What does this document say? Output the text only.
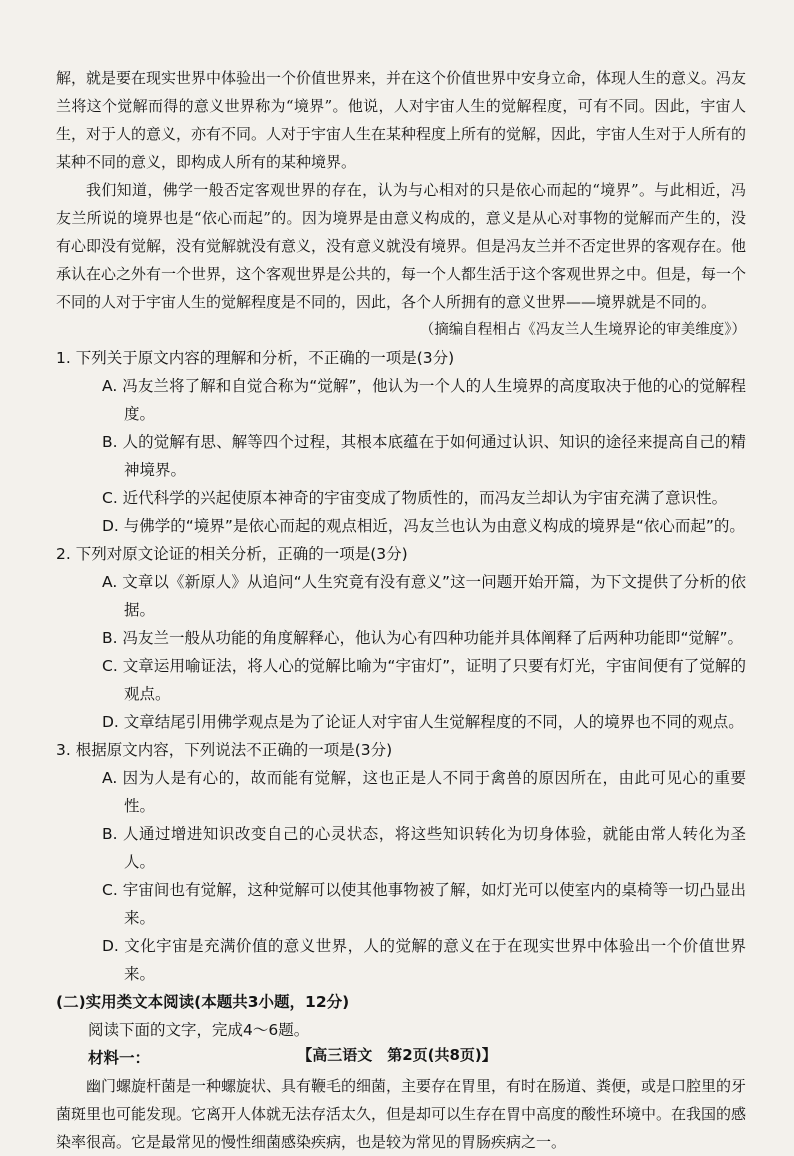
解，就是要在现实世界中体验出一个价值世界来，并在这个价值世界中安身立命，体现人生的意义。冯友兰将这个觉解而得的意义世界称为“境界”。他说，人对宇宙人生的觉解程度，可有不同。因此，宇宙人生，对于人的意义，亦有不同。人对于宇宙人生在某种程度上所有的觉解，因此，宇宙人生对于人所有的某种不同的意义，即构成人所有的某种境界。

我们知道，佛学一般否定客观世界的存在，认为与心相对的只是依心而起的“境界”。与此相近，冯友兰所说的境界也是“依心而起”的。因为境界是由意义构成的，意义是从心对事物的觉解而产生的，没有心即没有觉解，没有觉解就没有意义，没有意义就没有境界。但是冯友兰并不否定世界的客观存在。他承认在心之外有一个世界，这个客观世界是公共的，每一个人都生活于这个客观世界之中。但是，每一个不同的人对于宇宙人生的觉解程度是不同的，因此，各个人所拥有的意义世界——境界就是不同的。

（摘编自程相占《冯友兰人生境界论的审美维度》）

1. 下列关于原文内容的理解和分析，不正确的一项是(3分)

A. 冯友兰将了解和自觉合称为“觉解”，他认为一个人的人生境界的高度取决于他的心的觉解程度。

B. 人的觉解有思、解等四个过程，其根本底蕴在于如何通过认识、知识的途径来提高自己的精神境界。

C. 近代科学的兴起使原本神奇的宇宙变成了物质性的，而冯友兰却认为宇宙充满了意识性。

D. 与佛学的“境界”是依心而起的观点相近，冯友兰也认为由意义构成的境界是“依心而起”的。

2. 下列对原文论证的相关分析，正确的一项是(3分)

A. 文章以《新原人》从追问“人生究竟有没有意义”这一问题开始开篇，为下文提供了分析的依据。

B. 冯友兰一般从功能的角度解释心，他认为心有四种功能并具体阐释了后两种功能即“觉解”。

C. 文章运用喻证法，将人心的觉解比喻为“宇宙灯”，证明了只要有灯光，宇宙间便有了觉解的观点。

D. 文章结尾引用佛学观点是为了论证人对宇宙人生觉解程度的不同，人的境界也不同的观点。

3. 根据原文内容，下列说法不正确的一项是(3分)

A. 因为人是有心的，故而能有觉解，这也正是人不同于禽兽的原因所在，由此可见心的重要性。

B. 人通过增进知识改变自己的心灵状态，将这些知识转化为切身体验，就能由常人转化为圣人。

C. 宇宙间也有觉解，这种觉解可以使其他事物被了解，如灯光可以使室内的桌椅等一切凸显出来。

D. 文化宇宙是充满价值的意义世界，人的觉解的意义在于在现实世界中体验出一个价值世界来。

(二)实用类文本阅读(本题共3小题，12分)

阅读下面的文字，完成4～6题。

材料一：

幽门螺旋杆菌是一种螺旋状、具有鞭毛的细菌，主要存在胃里，有时在肠道、粪便，或是口腔里的牙菌斑里也可能发现。它离开人体就无法存活太久，但是却可以生存在胃中高度的酸性环境中。在我国的感染率很高。它是最常见的慢性细菌感染疾病，也是较为常见的胃肠疾病之一。

【高三语文　第2页(共8页)】
